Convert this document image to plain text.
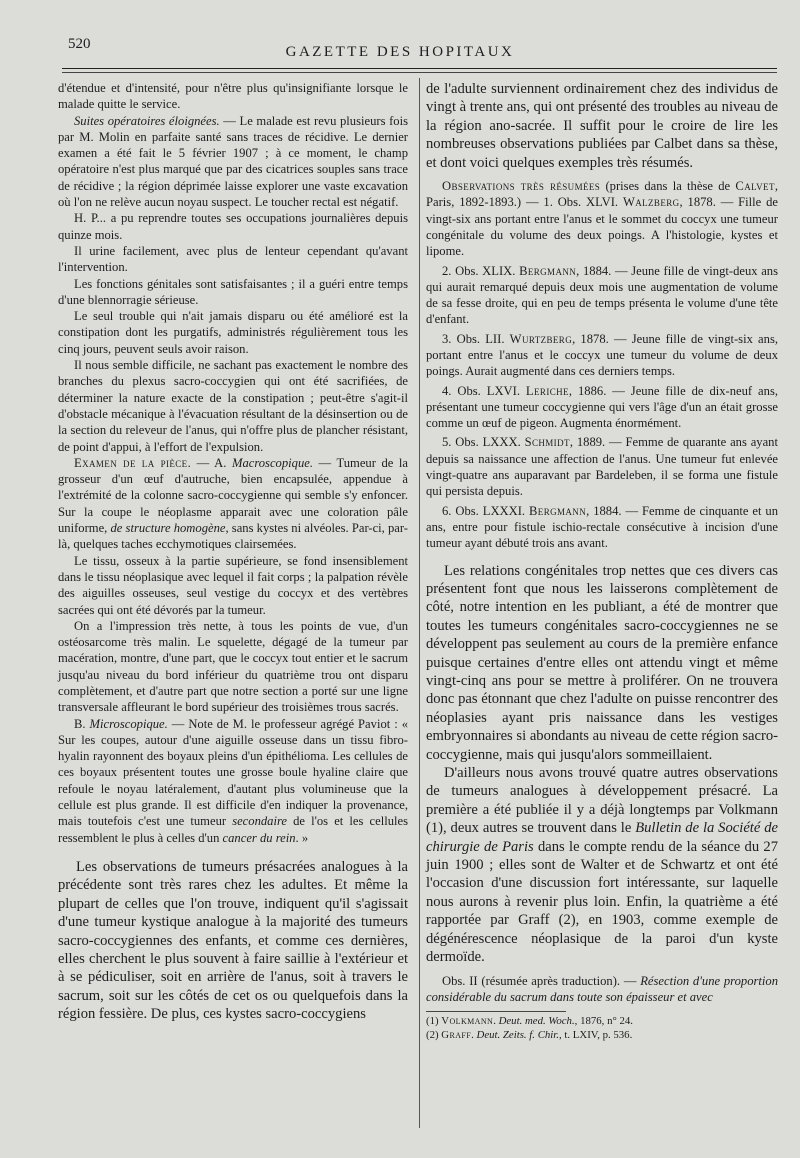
520	GAZETTE DES HOPITAUX

d'étendue et d'intensité, pour n'être plus qu'insignifiante lorsque le malade quitte le service.

Suites opératoires éloignées. — Le malade est revu plusieurs fois par M. Molin en parfaite santé sans traces de récidive. Le dernier examen a été fait le 5 février 1907 ; à ce moment, le champ opératoire n'est plus marqué que par des cicatrices souples sans trace de récidive ; la région déprimée laisse explorer une vaste excavation où l'on ne relève aucun noyau suspect. Le toucher rectal est négatif.

H. P... a pu reprendre toutes ses occupations journalières depuis quinze mois.

Il urine facilement, avec plus de lenteur cependant qu'avant l'intervention.

Les fonctions génitales sont satisfaisantes ; il a guéri entre temps d'une blennorragie sérieuse.

Le seul trouble qui n'ait jamais disparu ou été amélioré est la constipation dont les purgatifs, administrés régulièrement tous les cinq jours, peuvent seuls avoir raison.

Il nous semble difficile, ne sachant pas exactement le nombre des branches du plexus sacro-coccygien qui ont été sacrifiées, de déterminer la nature exacte de la constipation ; peut-être s'agit-il d'obstacle mécanique à l'évacuation résultant de la désinsertion ou de la section du releveur de l'anus, qui n'offre plus de plancher résistant, de point d'appui, à l'effort de l'expulsion.

Examen de la pièce. — A. Macroscopique. — Tumeur de la grosseur d'un œuf d'autruche, bien encapsulée, appendue à l'extrémité de la colonne sacro-coccygienne qui semble s'y enfoncer. Sur la coupe le néoplasme apparait avec une coloration pâle uniforme, de structure homogène, sans kystes ni alvéoles. Par-ci, par-là, quelques taches ecchymotiques clairsemées.

Le tissu, osseux à la partie supérieure, se fond insensiblement dans le tissu néoplasique avec lequel il fait corps ; la palpation révèle des aiguilles osseuses, seul vestige du coccyx et des vertèbres sacrées qui ont été dévorés par la tumeur.

On a l'impression très nette, à tous les points de vue, d'un ostéosarcome très malin. Le squelette, dégagé de la tumeur par macération, montre, d'une part, que le coccyx tout entier et le sacrum jusqu'au niveau du bord inférieur du quatrième trou ont disparu complètement, et d'autre part que notre section a porté sur une ligne transversale affleurant le bord supérieur des troisièmes trous sacrés.

B. Microscopique. — Note de M. le professeur agrégé Paviot : « Sur les coupes, autour d'une aiguille osseuse dans un tissu fibro-hyalin rayonnent des boyaux pleins d'un épithélioma. Les cellules de ces boyaux présentent toutes une grosse boule hyaline claire que refoule le noyau latéralement, d'autant plus volumineuse que la cellule est plus grande. Il est difficile d'en indiquer la provenance, mais toutefois c'est une tumeur secondaire de l'os et les cellules ressemblent le plus à celles d'un cancer du rein. »

Les observations de tumeurs présacrées analogues à la précédente sont très rares chez les adultes. Et même la plupart de celles que l'on trouve, indiquent qu'il s'agissait d'une tumeur kystique analogue à la majorité des tumeurs sacro-coccygiennes des enfants, et comme ces dernières, elles cherchent le plus souvent à faire saillie à l'extérieur et à se pédiculiser, soit en arrière de l'anus, soit à travers le sacrum, soit sur les côtés de cet os ou quelquefois dans la région fessière. De plus, ces kystes sacro-coccygiens

de l'adulte surviennent ordinairement chez des individus de vingt à trente ans, qui ont présenté des troubles au niveau de la région ano-sacrée. Il suffit pour le croire de lire les nombreuses observations publiées par Calbet dans sa thèse, et dont voici quelques exemples très résumés.

Observations très résumées (prises dans la thèse de Calvet, Paris, 1892-1893.) — 1. Obs. XLVI. Walzberg, 1878. — Fille de vingt-six ans portant entre l'anus et le sommet du coccyx une tumeur congénitale du volume des deux poings. A l'histologie, kystes et lipome.

2. Obs. XLIX. Bergmann, 1884. — Jeune fille de vingt-deux ans qui aurait remarqué depuis deux mois une augmentation de volume de sa fesse droite, qui en peu de temps présenta le volume d'une tête d'enfant.

3. Obs. LII. Wurtzberg, 1878. — Jeune fille de vingt-six ans, portant entre l'anus et le coccyx une tumeur du volume de deux poings. Aurait augmenté dans ces derniers temps.

4. Obs. LXVI. Leriche, 1886. — Jeune fille de dix-neuf ans, présentant une tumeur coccygienne qui vers l'âge d'un an était grosse comme un œuf de pigeon. Augmenta énormément.

5. Obs. LXXX. Schmidt, 1889. — Femme de quarante ans ayant depuis sa naissance une affection de l'anus. Une tumeur fut enlevée vingt-quatre ans auparavant par Bardeleben, il se forma une fistule qui persista depuis.

6. Obs. LXXXI. Bergmann, 1884. — Femme de cinquante et un ans, entre pour fistule ischio-rectale consécutive à incision d'une tumeur ayant débuté trois ans avant.

Les relations congénitales trop nettes que ces divers cas présentent font que nous les laisserons complètement de côté, notre intention en les publiant, a été de montrer que toutes les tumeurs congénitales sacro-coccygiennes ne se développent pas seulement au cours de la première enfance puisque certaines d'entre elles ont attendu vingt et même vingt-cinq ans pour se mettre à proliférer. On ne trouvera donc pas étonnant que chez l'adulte on puisse rencontrer des néoplasies ayant pris naissance dans les vestiges embryonnaires si abondants au niveau de cette région sacro-coccygienne, mais qui jusqu'alors sommeillaient.

D'ailleurs nous avons trouvé quatre autres observations de tumeurs analogues à développement présacré. La première a été publiée il y a déjà longtemps par Volkmann (1), deux autres se trouvent dans le Bulletin de la Société de chirurgie de Paris dans le compte rendu de la séance du 27 juin 1900 ; elles sont de Walter et de Schwartz et ont été l'occasion d'une discussion fort intéressante, sur laquelle nous aurons à revenir plus loin. Enfin, la quatrième a été rapportée par Graff (2), en 1903, comme exemple de dégénérescence néoplasique de la paroi d'un kyste dermoïde.

Obs. II (résumée après traduction). — Résection d'une proportion considérable du sacrum dans toute son épaisseur et avec

(1) Volkmann. Deut. med. Woch., 1876, n° 24.

(2) Graff. Deut. Zeits. f. Chir., t. LXIV, p. 536.
